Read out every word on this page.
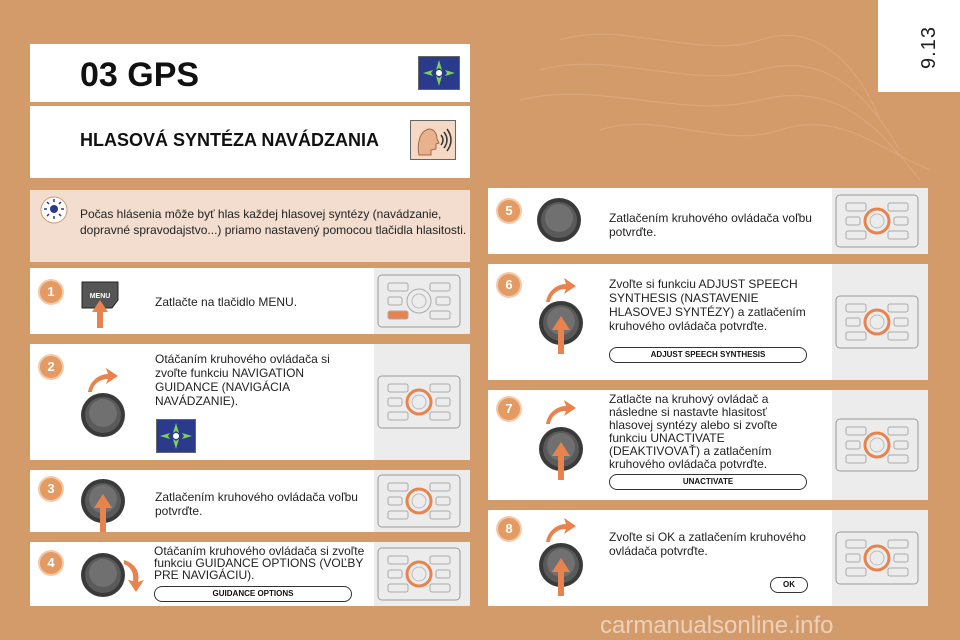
9.13
03 GPS
HLASOVÁ SYNTÉZA NAVÁDZANIA
Počas hlásenia môže byť hlas každej hlasovej syntézy (navádzanie, dopravné spravodajstvo...) priamo nastavený pomocou tlačidla hlasitosti.
1	MENU	Zatlačte na tlačidlo MENU.
2	Otáčaním kruhového ovládača si zvoľte funkciu NAVIGATION GUIDANCE (NAVIGÁCIA NAVÁDZANIE).
3
Zatlačením kruhového ovládača voľbu potvrďte.
4
Otáčaním kruhového ovládača si zvoľte funkciu GUIDANCE OPTIONS (VOĽBY PRE NAVIGÁCIU).
GUIDANCE OPTIONS
5	Zatlačením kruhového ovládača voľbu potvrďte.
6	Zvoľte si funkciu ADJUST SPEECH SYNTHESIS (NASTAVENIE HLASOVEJ SYNTÉZY) a zatlačením kruhového ovládača potvrďte.
ADJUST SPEECH SYNTHESIS
7
Zatlačte na kruhový ovládač a následne si nastavte hlasitosť hlasovej syntézy alebo si zvoľte funkciu UNACTIVATE (DEAKTIVOVAŤ) a zatlačením kruhového ovládača potvrďte.
UNACTIVATE
8
Zvoľte si OK a zatlačením kruhového ovládača potvrďte.
OK
carmanualsonline.info
